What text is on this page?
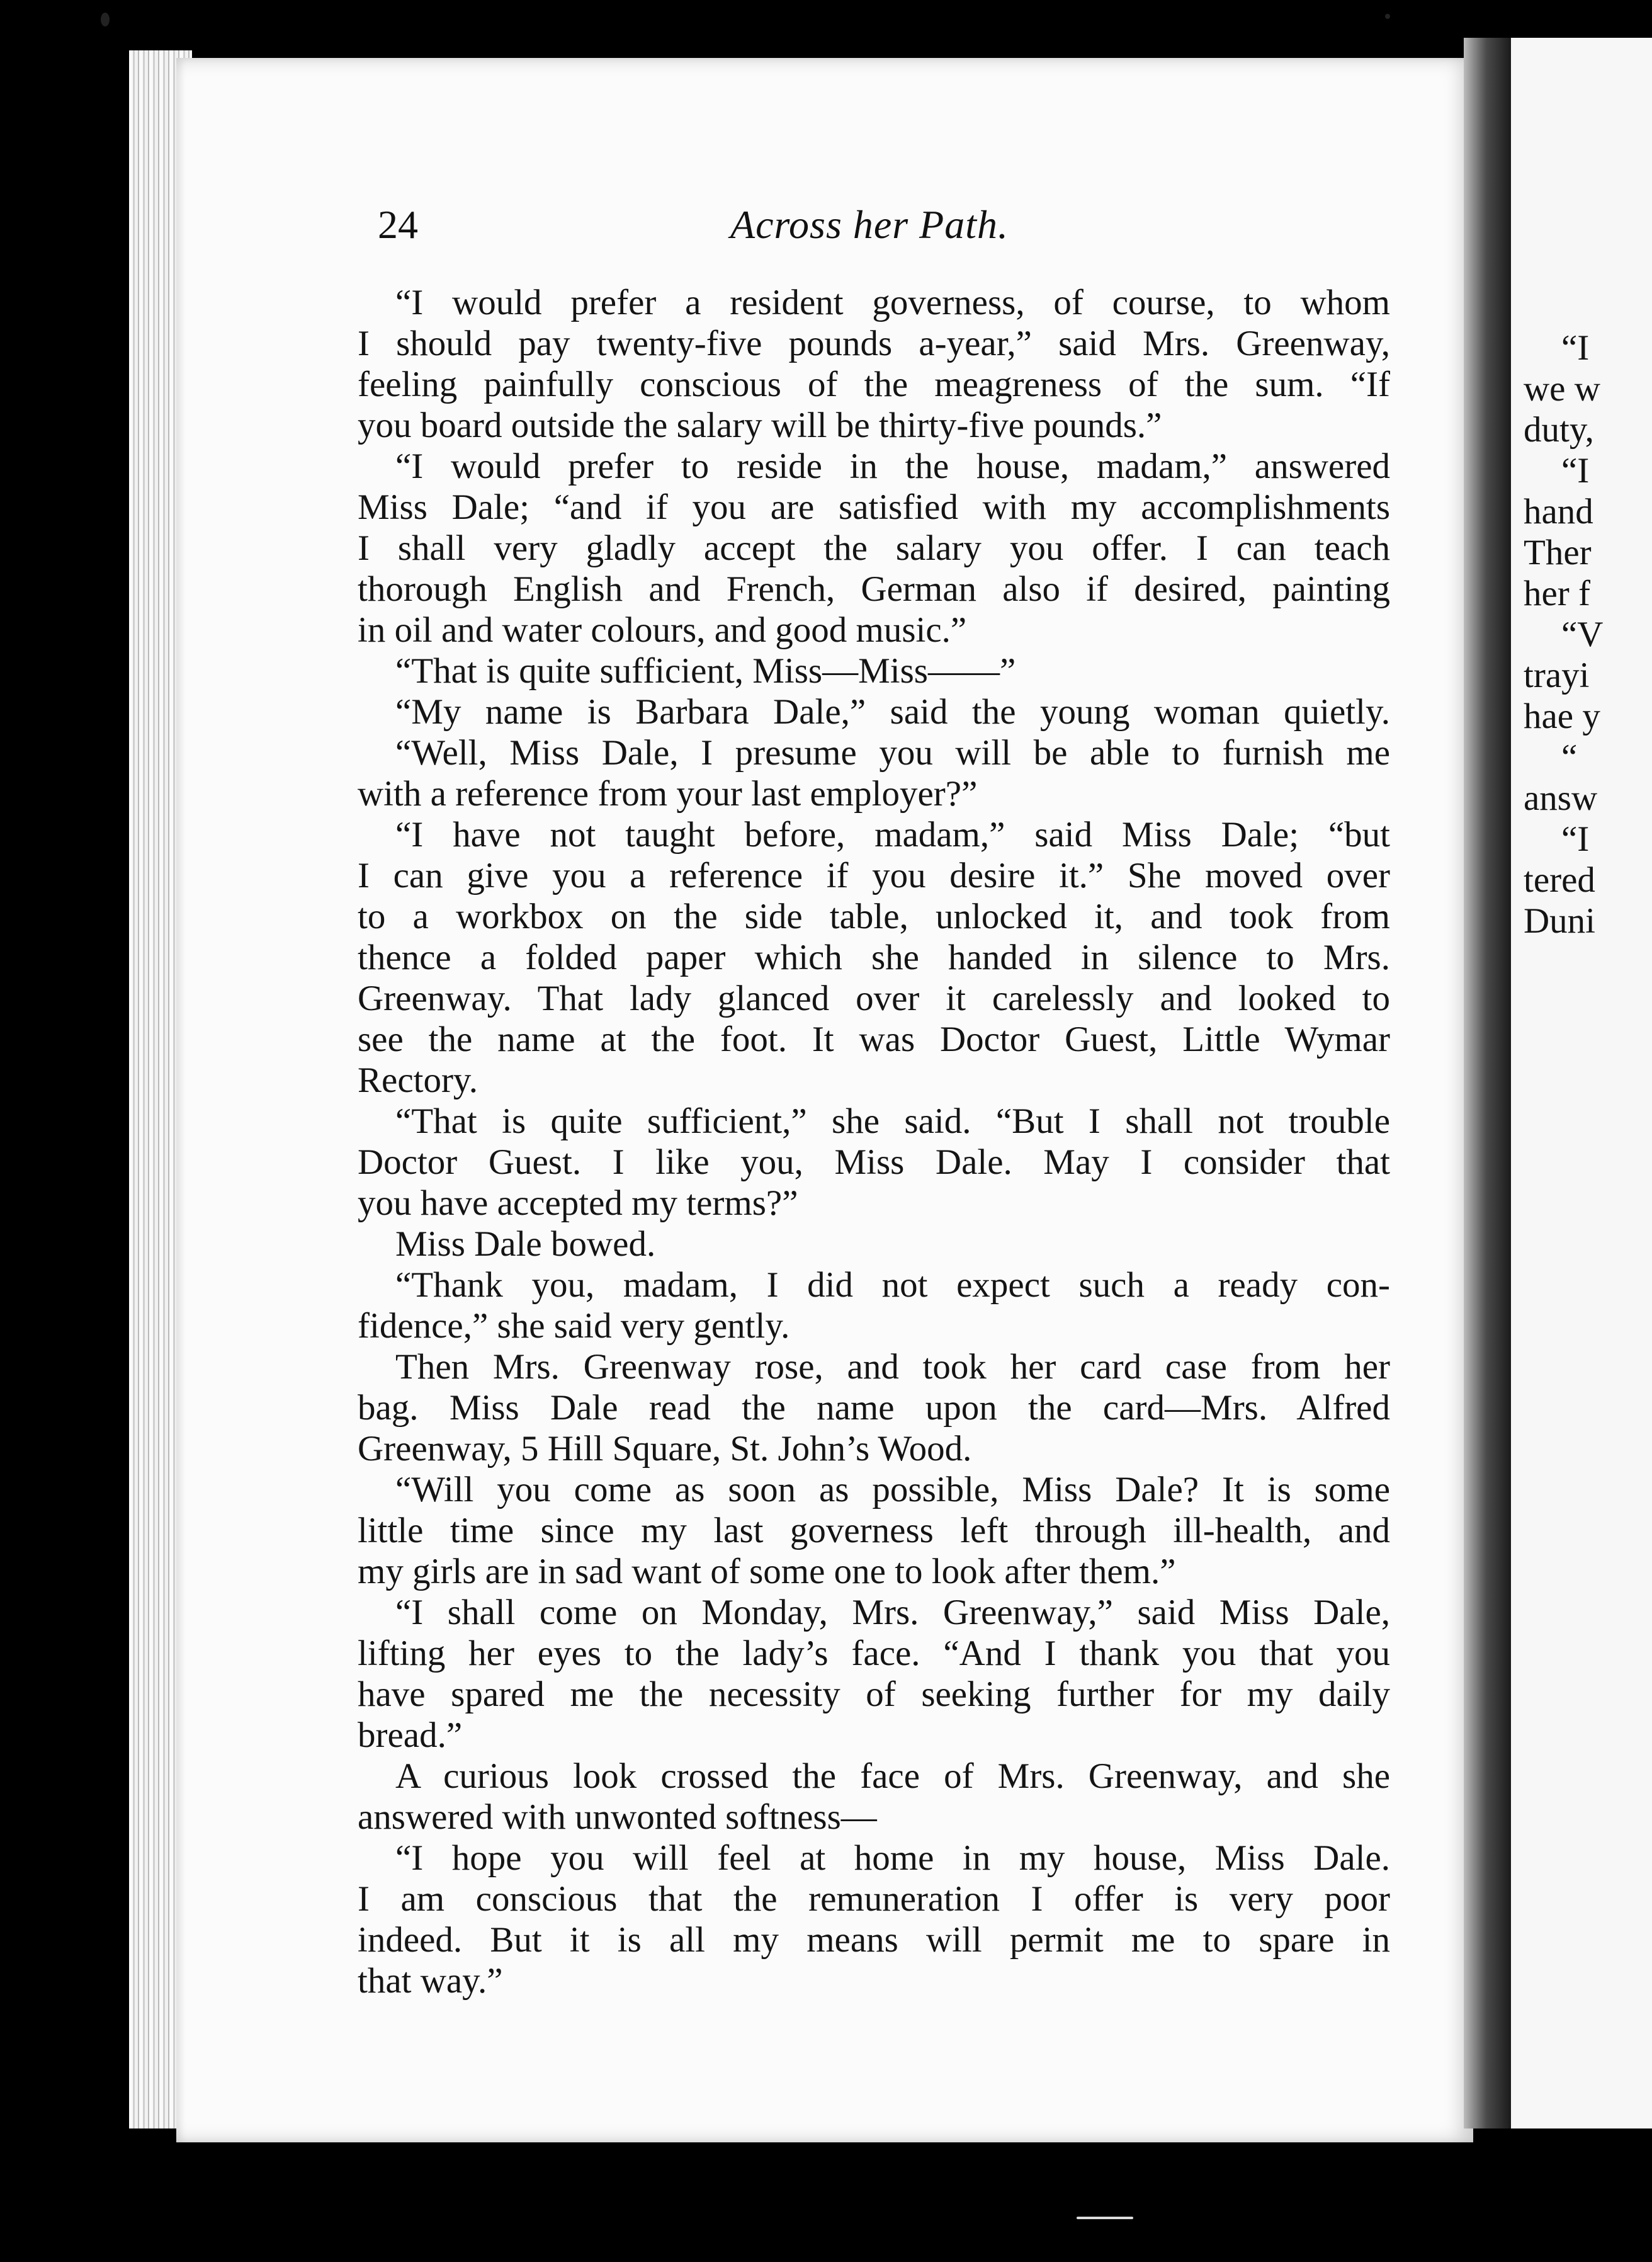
“I
we w
duty,
“I
hand
Ther
her f
“V
trayi
hae y
“
answ
“I
tered
Duni
24	Across her Path.
“I would prefer a resident governess, of course, to whom
I should pay twenty-five pounds a-year,” said Mrs. Greenway,
feeling painfully conscious of the meagreness of the sum. “If
you board outside the salary will be thirty-five pounds.”
“I would prefer to reside in the house, madam,” answered
Miss Dale; “and if you are satisfied with my accomplishments
I shall very gladly accept the salary you offer. I can teach
thorough English and French, German also if desired, painting
in oil and water colours, and good music.”
“That is quite sufficient, Miss—Miss——”
“My name is Barbara Dale,” said the young woman quietly.
“Well, Miss Dale, I presume you will be able to furnish me
with a reference from your last employer?”
“I have not taught before, madam,” said Miss Dale; “but
I can give you a reference if you desire it.” She moved over
to a workbox on the side table, unlocked it, and took from
thence a folded paper which she handed in silence to Mrs.
Greenway. That lady glanced over it carelessly and looked to
see the name at the foot. It was Doctor Guest, Little Wymar
Rectory.
“That is quite sufficient,” she said. “But I shall not trouble
Doctor Guest. I like you, Miss Dale. May I consider that
you have accepted my terms?”
Miss Dale bowed.
“Thank you, madam, I did not expect such a ready con-
fidence,” she said very gently.
Then Mrs. Greenway rose, and took her card case from her
bag. Miss Dale read the name upon the card—Mrs. Alfred
Greenway, 5 Hill Square, St. John’s Wood.
“Will you come as soon as possible, Miss Dale? It is some
little time since my last governess left through ill-health, and
my girls are in sad want of some one to look after them.”
“I shall come on Monday, Mrs. Greenway,” said Miss Dale,
lifting her eyes to the lady’s face. “And I thank you that you
have spared me the necessity of seeking further for my daily
bread.”
A curious look crossed the face of Mrs. Greenway, and she
answered with unwonted softness—
“I hope you will feel at home in my house, Miss Dale.
I am conscious that the remuneration I offer is very poor
indeed. But it is all my means will permit me to spare in
that way.”
